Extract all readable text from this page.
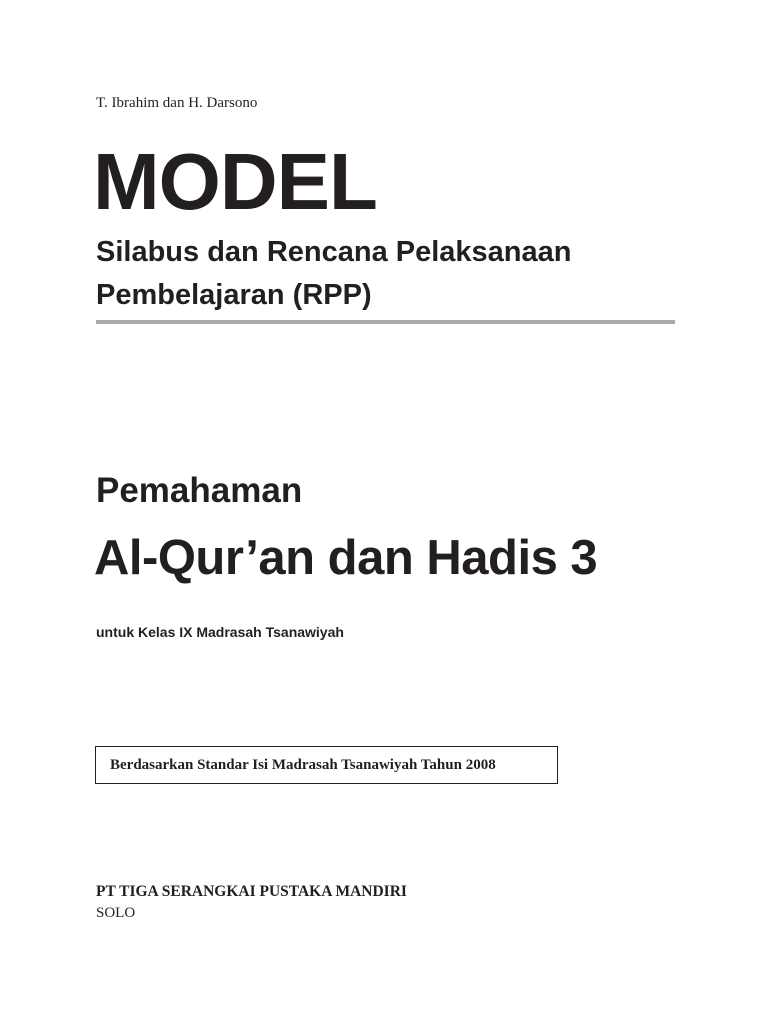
T. Ibrahim dan H. Darsono
MODEL
Silabus dan Rencana Pelaksanaan
Pembelajaran (RPP)
Pemahaman
Al-Qur’an dan Hadis 3
untuk Kelas IX Madrasah Tsanawiyah
Berdasarkan Standar Isi Madrasah Tsanawiyah Tahun 2008
PT TIGA SERANGKAI PUSTAKA MANDIRI
SOLO
